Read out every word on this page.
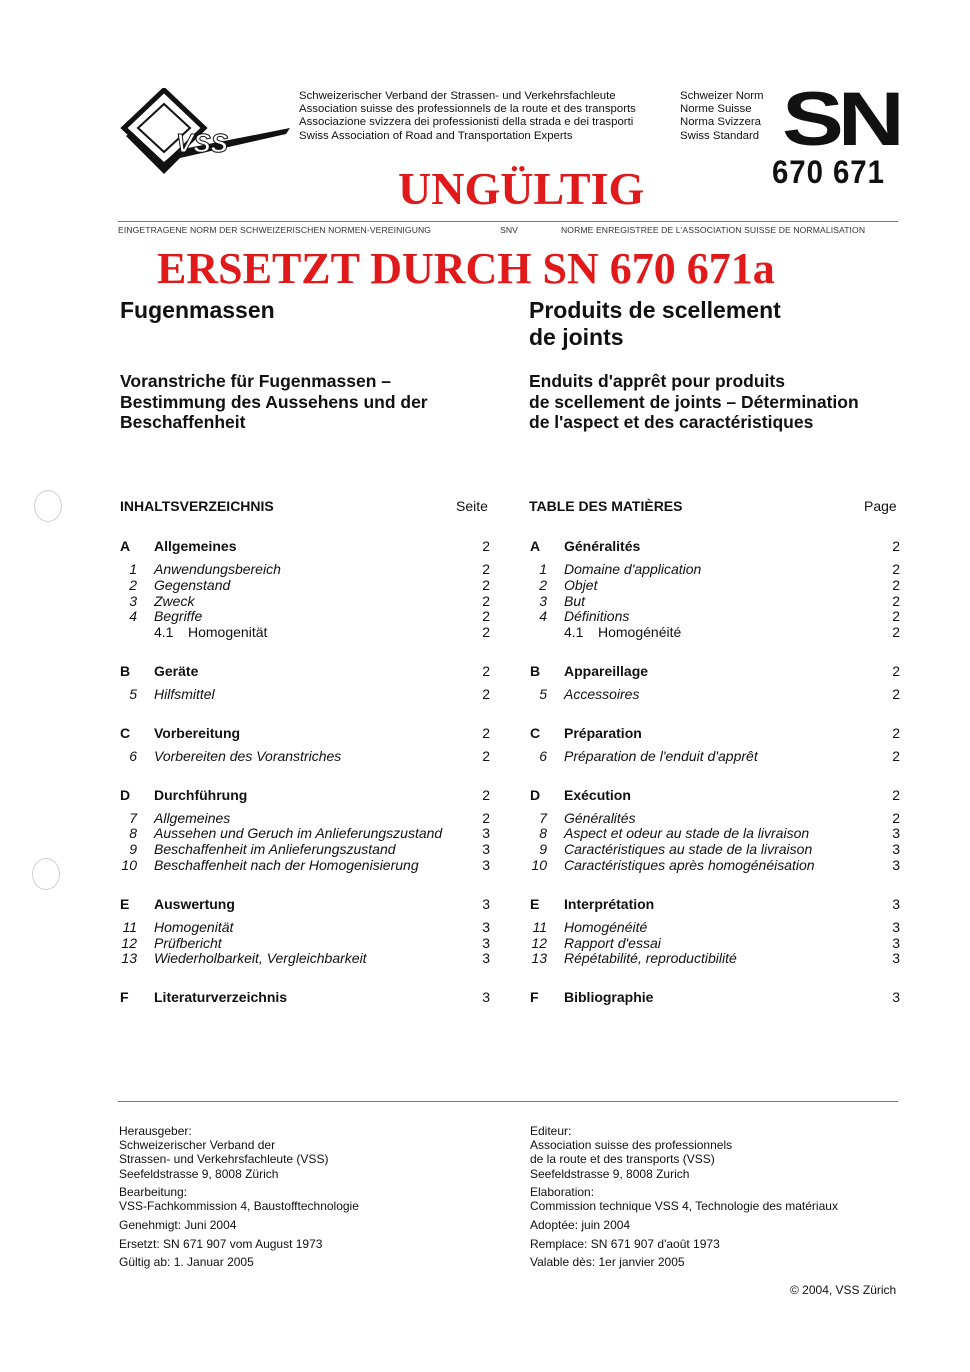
VSS
Schweizerischer Verband der Strassen- und Verkehrsfachleute
Association suisse des professionnels de la route et des transports
Associazione svizzera dei professionisti della strada e dei trasporti
Swiss Association of Road and Transportation Experts
Schweizer Norm
Norme Suisse
Norma Svizzera
Swiss Standard SN
670 671
UNGÜLTIG
EINGETRAGENE NORM DER SCHWEIZERISCHEN NORMEN-VEREINIGUNG	SNV	NORME ENREGISTREE DE L'ASSOCIATION SUISSE DE NORMALISATION
ERSETZT DURCH SN 670 671a
Fugenmassen	Produits de scellement
de joints
Voranstriche für Fugenmassen –
Bestimmung des Aussehens und der
Beschaffenheit
Enduits d'apprêt pour produits
de scellement de joints – Détermination
de l'aspect et des caractéristiques
INHALTSVERZEICHNIS	Seite	TABLE DES MATIÈRES	Page
A Allgemeines	2
1 Anwendungsbereich	2
2 Gegenstand	2
3 Zweck	2
4 Begriffe	2
4.1 Homogenität	2
B Geräte	2
5 Hilfsmittel	2
C Vorbereitung	2
6 Vorbereiten des Voranstriches	2
D Durchführung	2
7 Allgemeines	2
8 Aussehen und Geruch im Anlieferungszustand	3
9 Beschaffenheit im Anlieferungszustand	3
10 Beschaffenheit nach der Homogenisierung	3
E Auswertung	3
11 Homogenität	3
12 Prüfbericht	3
13 Wiederholbarkeit, Vergleichbarkeit	3
F Literaturverzeichnis	3
A Généralités	2
1 Domaine d'application	2
2 Objet	2
3 But	2
4 Définitions	2
4.1 Homogénéité	2
B Appareillage	2
5 Accessoires	2
C Préparation	2
6 Préparation de l'enduit d'apprêt	2
D Exécution	2
7 Généralités	2
8 Aspect et odeur au stade de la livraison	3
9 Caractéristiques au stade de la livraison	3
10 Caractéristiques après homogénéisation	3
E Interprétation	3
11 Homogénéité	3
12 Rapport d'essai	3
13 Répétabilité, reproductibilité	3
F Bibliographie	3

Herausgeber:
Schweizerischer Verband der
Strassen- und Verkehrsfachleute (VSS)
Seefeldstrasse 9, 8008 Zürich

Bearbeitung:
VSS-Fachkommission 4, Baustofftechnologie

Genehmigt: Juni 2004

Ersetzt: SN 671 907 vom August 1973

Gültig ab: 1. Januar 2005

Editeur:
Association suisse des professionnels
de la route et des transports (VSS)
Seefeldstrasse 9, 8008 Zurich

Elaboration:
Commission technique VSS 4, Technologie des matériaux

Adoptée: juin 2004

Remplace: SN 671 907 d'août 1973

Valable dès: 1er janvier 2005

© 2004, VSS Zürich
